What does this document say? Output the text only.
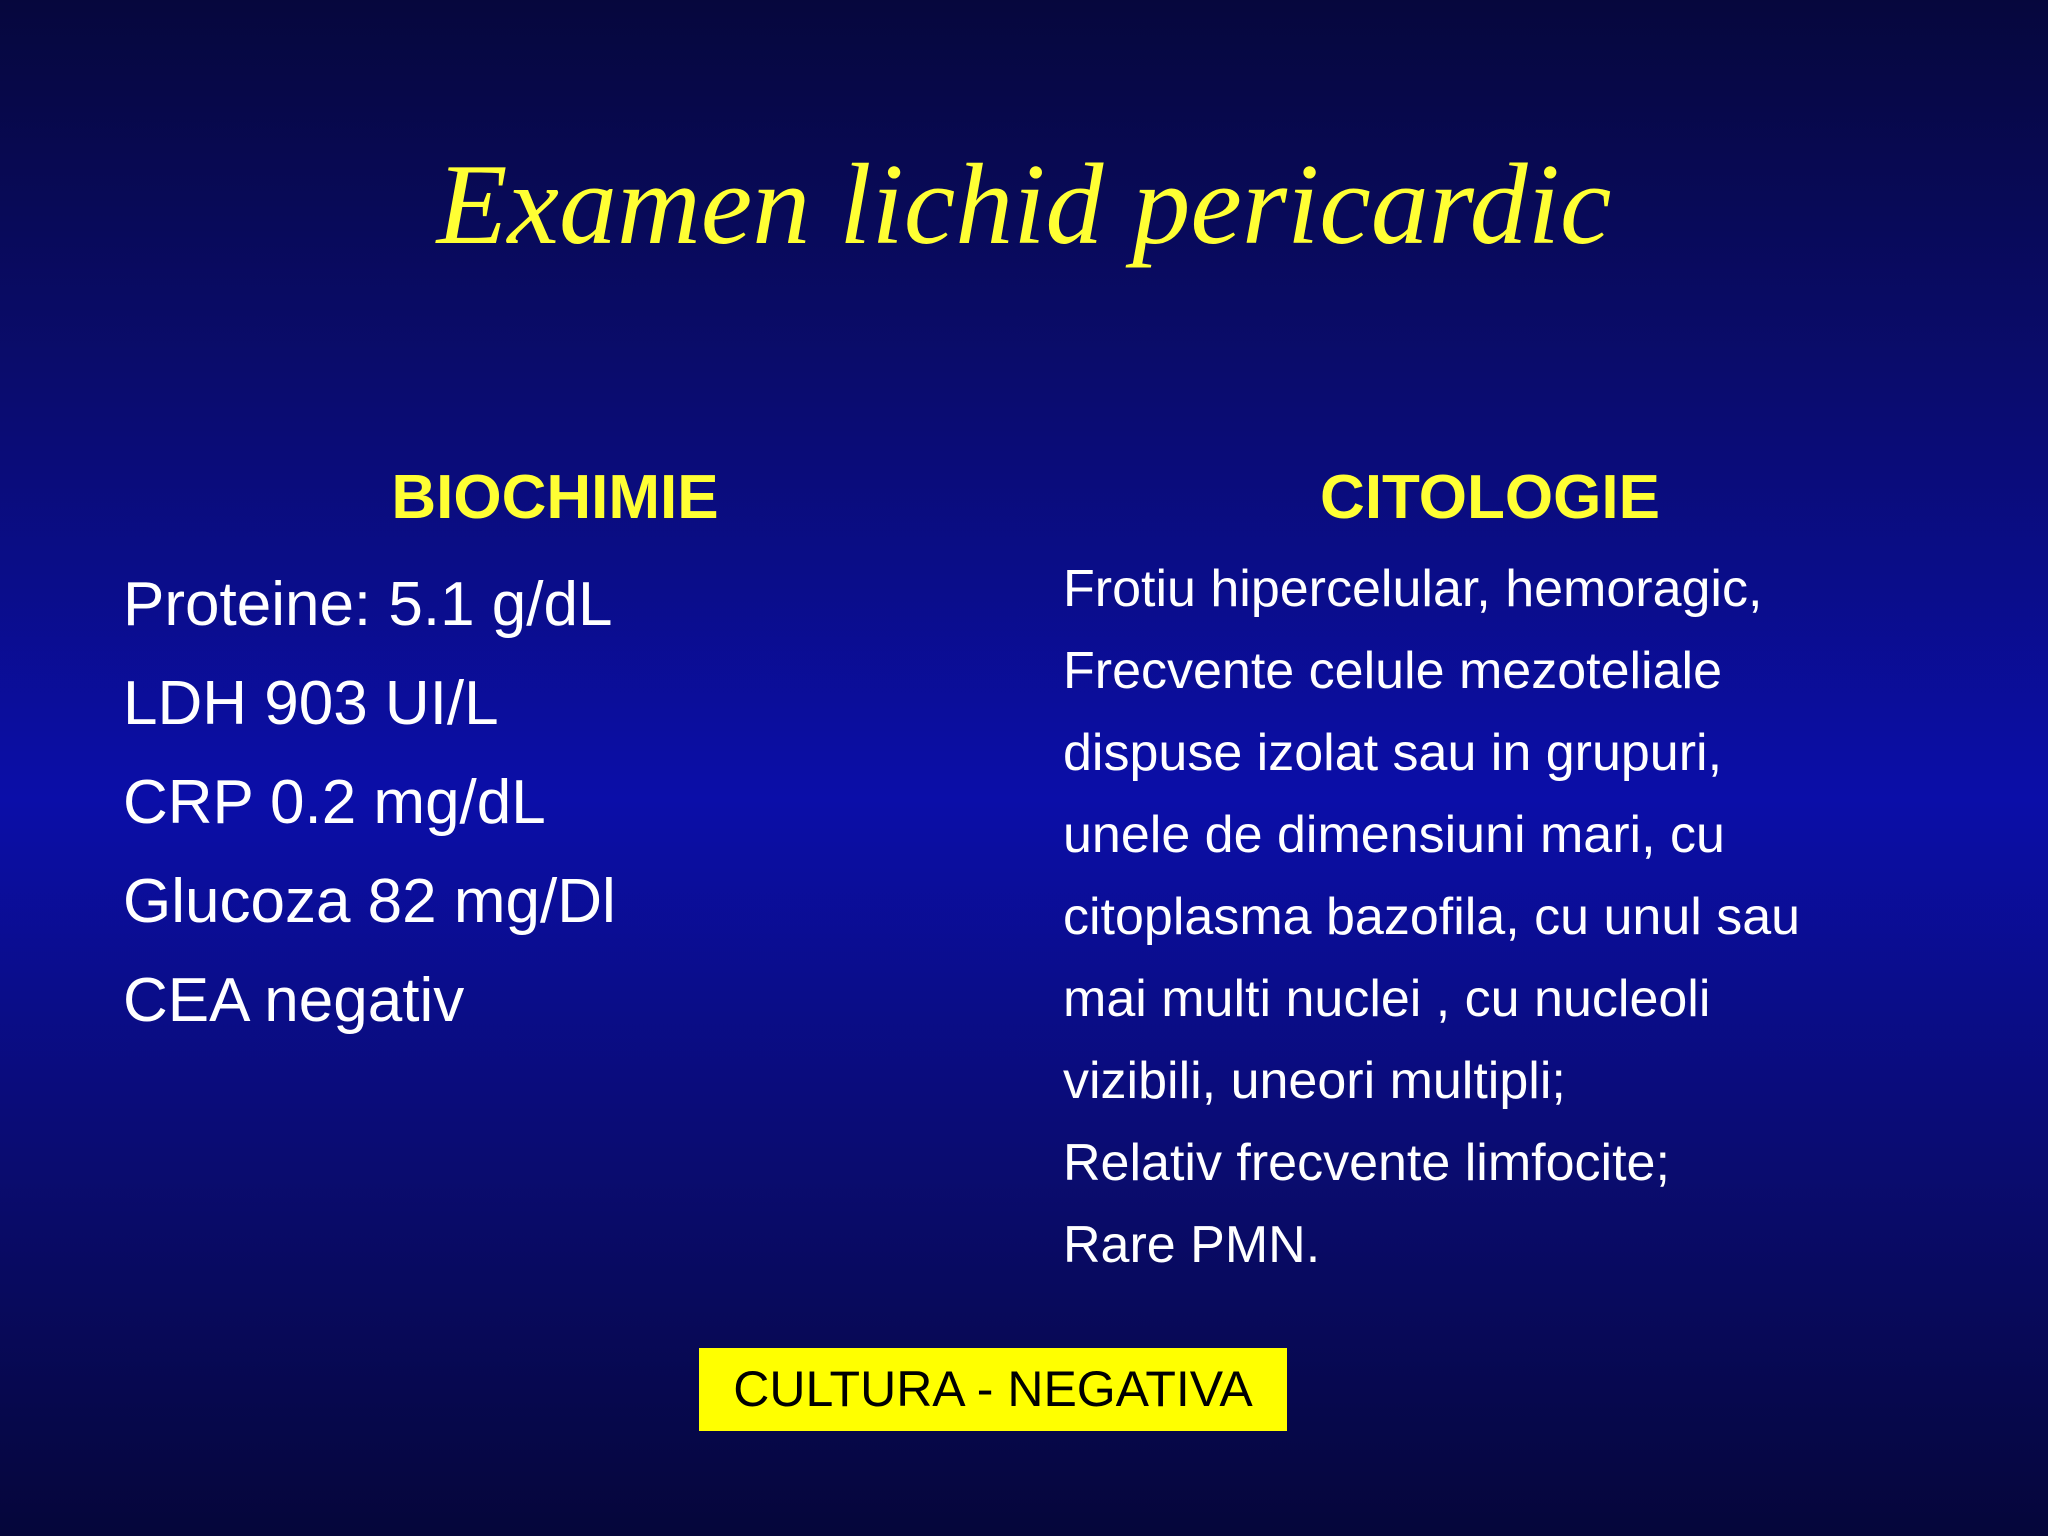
Examen lichid pericardic
BIOCHIMIE	CITOLOGIE
Proteine: 5.1 g/dL
LDH 903 UI/L
CRP 0.2 mg/dL
Glucoza 82 mg/Dl
CEA negativ
Frotiu hipercelular, hemoragic,
Frecvente celule mezoteliale
dispuse izolat sau in grupuri,
unele de dimensiuni mari, cu
citoplasma bazofila, cu unul sau
mai multi nuclei , cu nucleoli
vizibili, uneori multipli;
Relativ frecvente limfocite;
Rare PMN.
CULTURA - NEGATIVA
